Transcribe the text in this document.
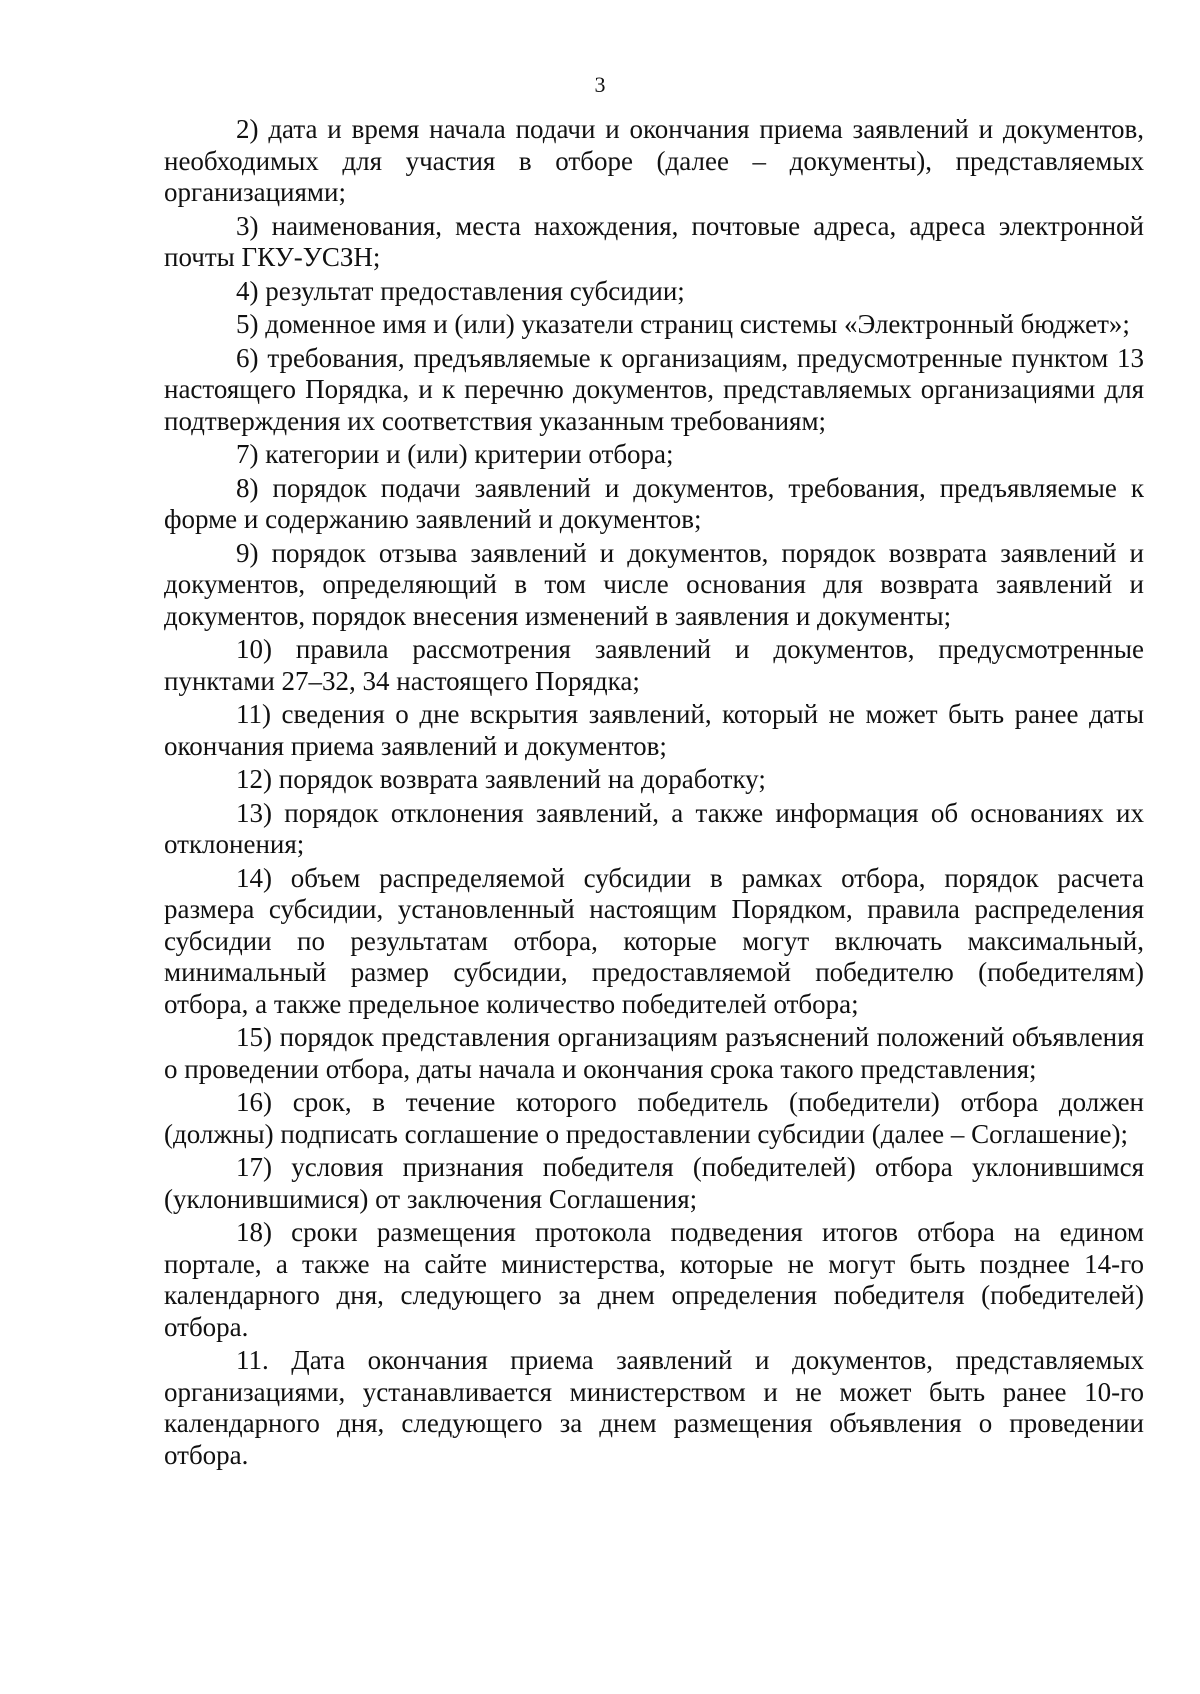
3

2) дата и время начала подачи и окончания приема заявлений и документов, необходимых для участия в отборе (далее – документы), представляемых организациями;

3) наименования, места нахождения, почтовые адреса, адреса электронной почты ГКУ-УСЗН;

4) результат предоставления субсидии;

5) доменное имя и (или) указатели страниц системы «Электронный бюджет»;

6) требования, предъявляемые к организациям, предусмотренные пунктом 13 настоящего Порядка, и к перечню документов, представляемых организациями для подтверждения их соответствия указанным требованиям;

7) категории и (или) критерии отбора;

8) порядок подачи заявлений и документов, требования, предъявляемые к форме и содержанию заявлений и документов;

9) порядок отзыва заявлений и документов, порядок возврата заявлений и документов, определяющий в том числе основания для возврата заявлений и документов, порядок внесения изменений в заявления и документы;

10) правила рассмотрения заявлений и документов, предусмотренные пунктами 27–32, 34 настоящего Порядка;

11) сведения о дне вскрытия заявлений, который не может быть ранее даты окончания приема заявлений и документов;

12) порядок возврата заявлений на доработку;

13) порядок отклонения заявлений, а также информация об основаниях их отклонения;

14) объем распределяемой субсидии в рамках отбора, порядок расчета размера субсидии, установленный настоящим Порядком, правила распределения субсидии по результатам отбора, которые могут включать максимальный, минимальный размер субсидии, предоставляемой победителю (победителям) отбора, а также предельное количество победителей отбора;

15) порядок представления организациям разъяснений положений объявления о проведении отбора, даты начала и окончания срока такого представления;

16) срок, в течение которого победитель (победители) отбора должен (должны) подписать соглашение о предоставлении субсидии (далее – Соглашение);

17) условия признания победителя (победителей) отбора уклонившимся (уклонившимися) от заключения Соглашения;

18) сроки размещения протокола подведения итогов отбора на едином портале, а также на сайте министерства, которые не могут быть позднее 14-го календарного дня, следующего за днем определения победителя (победителей) отбора.

11. Дата окончания приема заявлений и документов, представляемых организациями, устанавливается министерством и не может быть ранее 10-го календарного дня, следующего за днем размещения объявления о проведении отбора.
